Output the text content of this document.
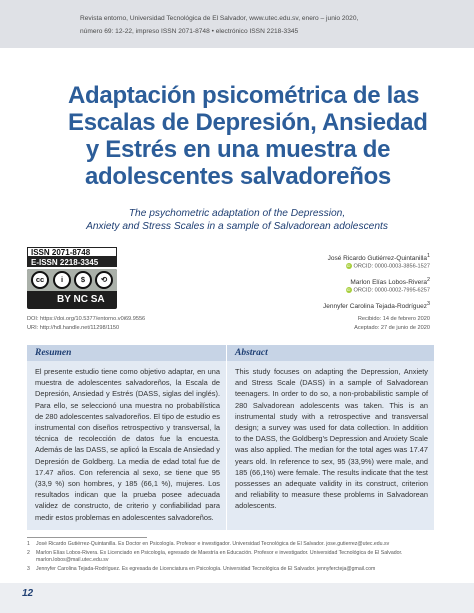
Revista entorno, Universidad Tecnológica de El Salvador, www.utec.edu.sv, enero – junio 2020,
número 69: 12-22, impreso ISSN 2071-8748 • electrónico ISSN 2218-3345
Adaptación psicométrica de las
Escalas de Depresión, Ansiedad
y Estrés en una muestra de
adolescentes salvadoreños
The psychometric adaptation of the Depression,
Anxiety and Stress Scales in a sample of Salvadorean adolescents
ISSN 2071-8748
E-ISSN 2218-3345
cc	i	$	⟲
BY NC SA
José Ricardo Gutiérrez-Quintanilla$^1$
iD ORCID: 0000-0003-3856-1527
Marlon Elías Lobos-Rivera$^2$
iD ORCID: 0000-0002-7995-6257
Jennyfer Carolina Tejada-Rodríguez$^3$
Recibido: 14 de febrero 2020
Aceptado: 27 de junio de 2020
DOI: https://doi.org/10.5377/entorno.v0i69.9556
URI: http://hdl.handle.net/11298/1150
Resumen
El presente estudio tiene como objetivo adaptar, en una muestra de adolescentes salvadoreños, la Escala de Depresión, Ansiedad y Estrés (DASS, siglas del inglés). Para ello, se seleccionó una muestra no probabilística de 280 adolescentes salvadoreños. El tipo de estudio es instrumental con diseños retrospectivo y transversal, la técnica de recolección de datos fue la encuesta. Además de las DASS, se aplicó la Escala de Ansiedad y Depresión de Goldberg. La media de edad total fue de 17.47 años. Con referencia al sexo, se tiene que 95 (33,9 %) son hombres, y 185 (66,1 %), mujeres. Los resultados indican que la prueba posee adecuada validez de constructo, de criterio y confiabilidad para medir estos problemas en adolescentes salvadoreños.
Abstract
This study focuses on adapting the Depression, Anxiety and Stress Scale (DASS) in a sample of Salvadorean teenagers. In order to do so, a non-probabilistic sample of 280 Salvadorean adolescents was taken. This is an instrumental study with a retrospective and transversal design; a survey was used for data collection. In addition to the DASS, the Goldberg’s Depression and Anxiety Scale was also applied. The median for the total ages was 17.47 years old. In reference to sex, 95 (33,9%) were male, and 185 (66,1%) were female. The results indicate that the test possesses an adequate validity in its construct, criterion and reliability to measure these problems in Salvadorean adolescents.
1 José Ricardo Gutiérrez-Quintanilla. Es Doctor en Psicología. Profesor e investigador. Universidad Tecnológica de El Salvador. jose.gutierrez@utec.edu.sv
2 Marlon Elías Lobos-Rivera. Es Licenciado en Psicología, egresado de Maestría en Educación. Profesor e investigador. Universidad Tecnológica de El Salvador.
marlon.lobos@mail.utec.edu.sv
3 Jennyfer Carolina Tejada-Rodríguez. Es egresada de Licenciatura en Psicología. Universidad Tecnológica de El Salvador. jennyfercteja@gmail.com
12
